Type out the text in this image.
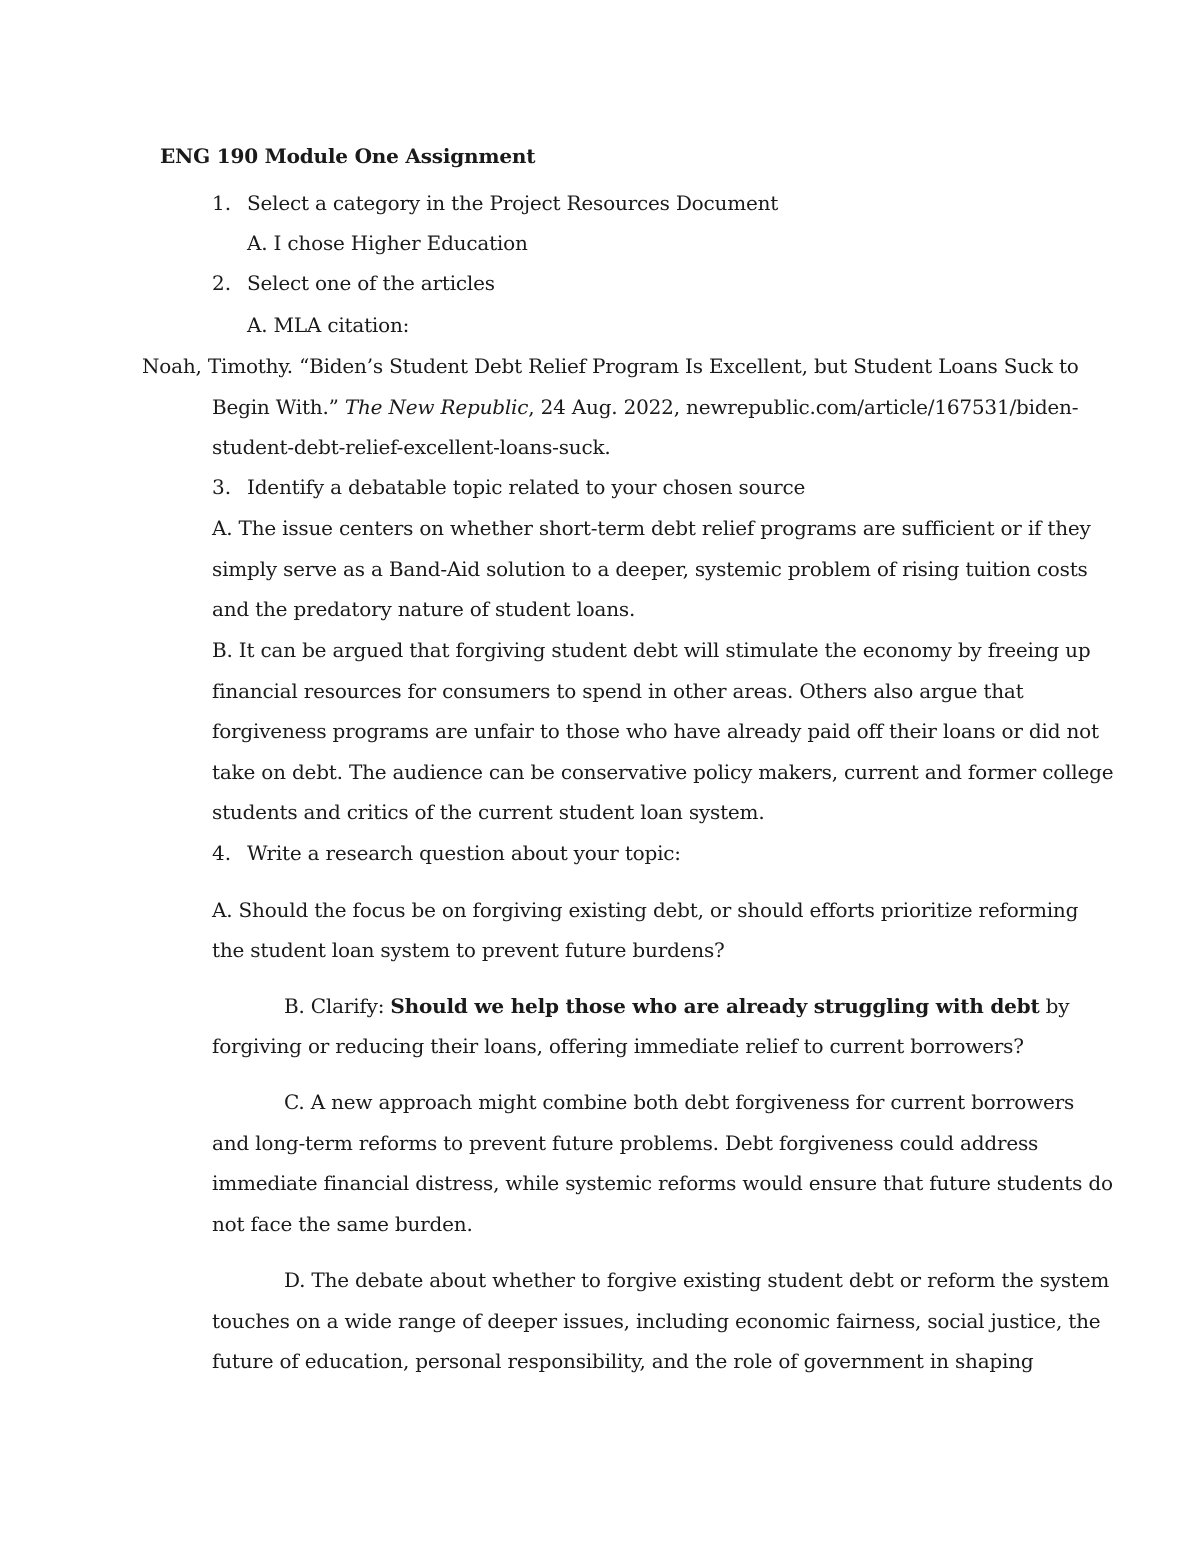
ENG 190 Module One Assignment
1. Select a category in the Project Resources Document
A. I chose Higher Education
2. Select one of the articles
A. MLA citation:
Noah, Timothy. “Biden’s Student Debt Relief Program Is Excellent, but Student Loans Suck to
Begin With.” The New Republic, 24 Aug. 2022, newrepublic.com/article/167531/biden-
student-debt-relief-excellent-loans-suck.
3. Identify a debatable topic related to your chosen source
A. The issue centers on whether short-term debt relief programs are sufficient or if they
simply serve as a Band-Aid solution to a deeper, systemic problem of rising tuition costs
and the predatory nature of student loans.
B. It can be argued that forgiving student debt will stimulate the economy by freeing up
financial resources for consumers to spend in other areas. Others also argue that
forgiveness programs are unfair to those who have already paid off their loans or did not
take on debt. The audience can be conservative policy makers, current and former college
students and critics of the current student loan system.
4. Write a research question about your topic:
A. Should the focus be on forgiving existing debt, or should efforts prioritize reforming
the student loan system to prevent future burdens?
B. Clarify: Should we help those who are already struggling with debt by
forgiving or reducing their loans, offering immediate relief to current borrowers?
C. A new approach might combine both debt forgiveness for current borrowers
and long-term reforms to prevent future problems. Debt forgiveness could address
immediate financial distress, while systemic reforms would ensure that future students do
not face the same burden.
D. The debate about whether to forgive existing student debt or reform the system
touches on a wide range of deeper issues, including economic fairness, social justice, the
future of education, personal responsibility, and the role of government in shaping
